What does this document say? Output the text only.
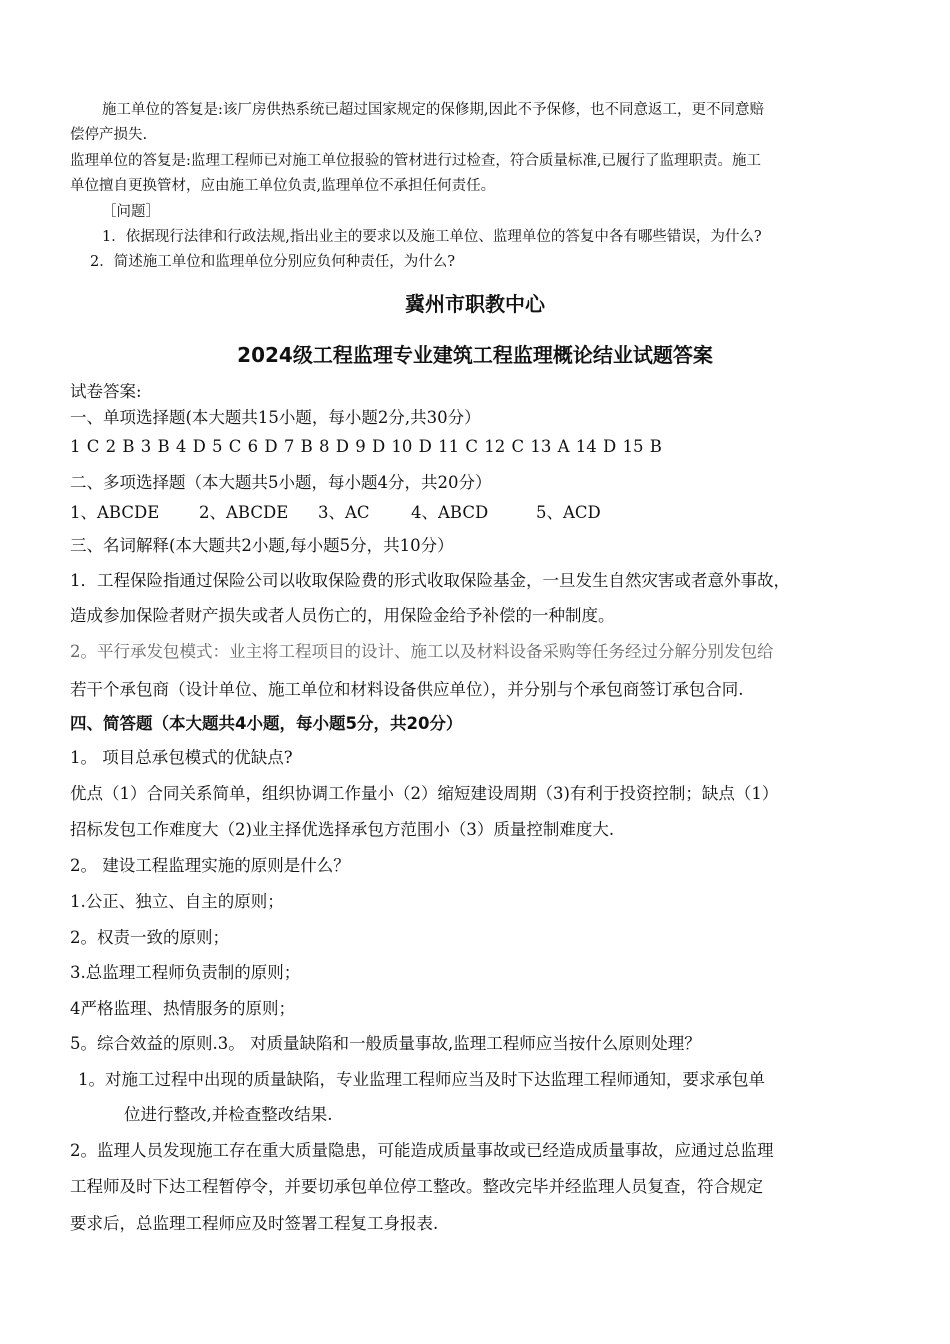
施工单位的答复是:该厂房供热系统已超过国家规定的保修期,因此不予保修，也不同意返工，更不同意赔

偿停产损失.

监理单位的答复是:监理工程师已对施工单位报验的管材进行过检查，符合质量标准,已履行了监理职责。施工

单位擅自更换管材，应由施工单位负责,监理单位不承担任何责任。

［问题］

1．依据现行法律和行政法规,指出业主的要求以及施工单位、监理单位的答复中各有哪些错误，为什么?

2．简述施工单位和监理单位分别应负何种责任，为什么?

冀州市职教中心
2024级工程监理专业建筑工程监理概论结业试题答案

试卷答案:

一、单项选择题(本大题共15小题，每小题2分,共30分）

1 C 2 B 3 B 4 D 5 C 6 D 7 B 8 D 9 D 10 D 11 C 12 C 13 A 14 D 15 B

二、多项选择题（本大题共5小题，每小题4分，共20分）

1、ABCDE 2、ABCDE 3、AC	4、ABCD	5、ACD

三、名词解释(本大题共2小题,每小题5分，共10分）

1．工程保险指通过保险公司以收取保险费的形式收取保险基金，一旦发生自然灾害或者意外事故，

造成参加保险者财产损失或者人员伤亡的，用保险金给予补偿的一种制度。

2。平行承发包模式：业主将工程项目的设计、施工以及材料设备采购等任务经过分解分别发包给

若干个承包商（设计单位、施工单位和材料设备供应单位），并分别与个承包商签订承包合同.

四、简答题（本大题共4小题，每小题5分，共20分）

1。 项目总承包模式的优缺点?

优点（1）合同关系简单，组织协调工作量小（2）缩短建设周期（3)有利于投资控制；缺点（1）

招标发包工作难度大（2)业主择优选择承包方范围小（3）质量控制难度大.

2。 建设工程监理实施的原则是什么？

1.公正、独立、自主的原则；

2。权责一致的原则；

3.总监理工程师负责制的原则；

4严格监理、热情服务的原则；

5。综合效益的原则.3。 对质量缺陷和一般质量事故,监理工程师应当按什么原则处理？

1。对施工过程中出现的质量缺陷，专业监理工程师应当及时下达监理工程师通知，要求承包单

位进行整改,并检查整改结果.

2。监理人员发现施工存在重大质量隐患，可能造成质量事故或已经造成质量事故，应通过总监理

工程师及时下达工程暂停令，并要切承包单位停工整改。整改完毕并经监理人员复查，符合规定

要求后，总监理工程师应及时签署工程复工身报表.
